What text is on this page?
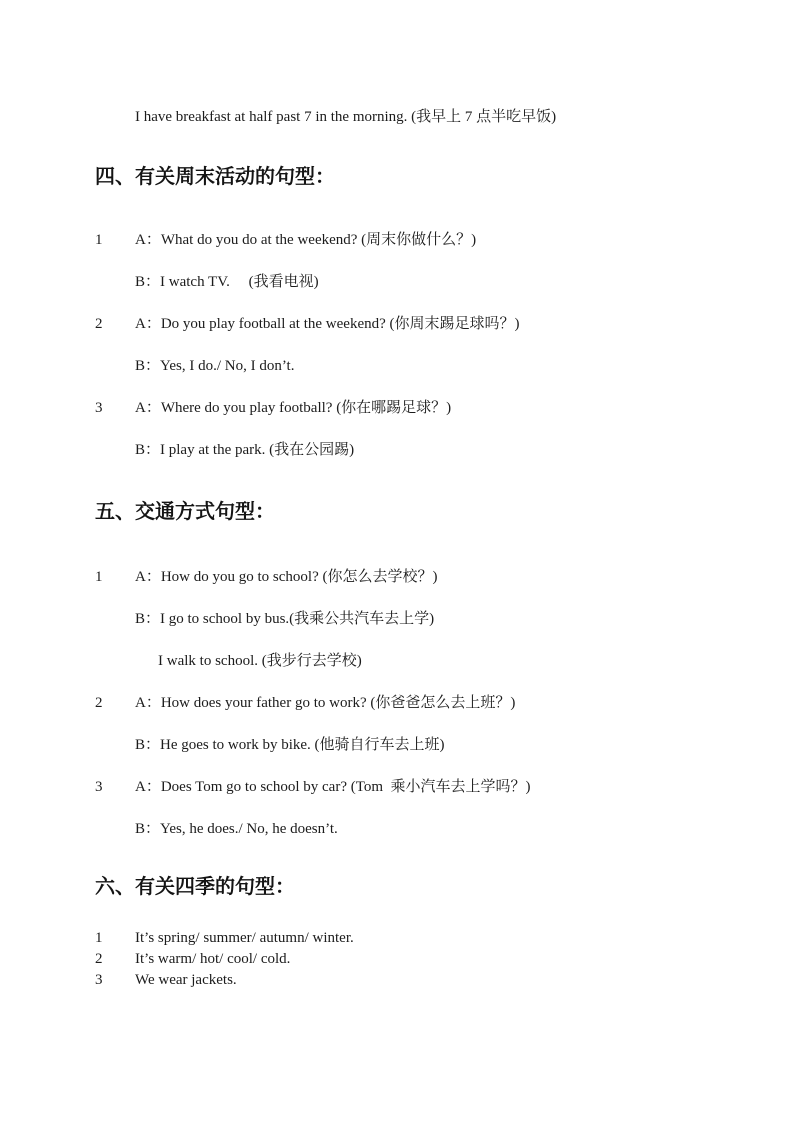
I have breakfast at half past 7 in the morning. (我早上 7 点半吃早饭)
四、有关周末活动的句型：
1	A：What do you do at the weekend? (周末你做什么？)
B：I watch TV.　 (我看电视)
2	A：Do you play football at the weekend? (你周末踢足球吗？)
B：Yes, I do./ No, I don’t.
3	A：Where do you play football? (你在哪踢足球？)
B：I play at the park. (我在公园踢)
五、交通方式句型：
1	A：How do you go to school? (你怎么去学校？)
B：I go to school by bus.(我乘公共汽车去上学)
I walk to school. (我步行去学校)
2	A：How does your father go to work? (你爸爸怎么去上班？)
B：He goes to work by bike. (他骑自行车去上班)
3	A：Does Tom go to school by car? (Tom  乘小汽车去上学吗？)
B：Yes, he does./ No, he doesn’t.
六、有关四季的句型：
1	It’s spring/ summer/ autumn/ winter.
2	It’s warm/ hot/ cool/ cold.
3	We wear jackets.
